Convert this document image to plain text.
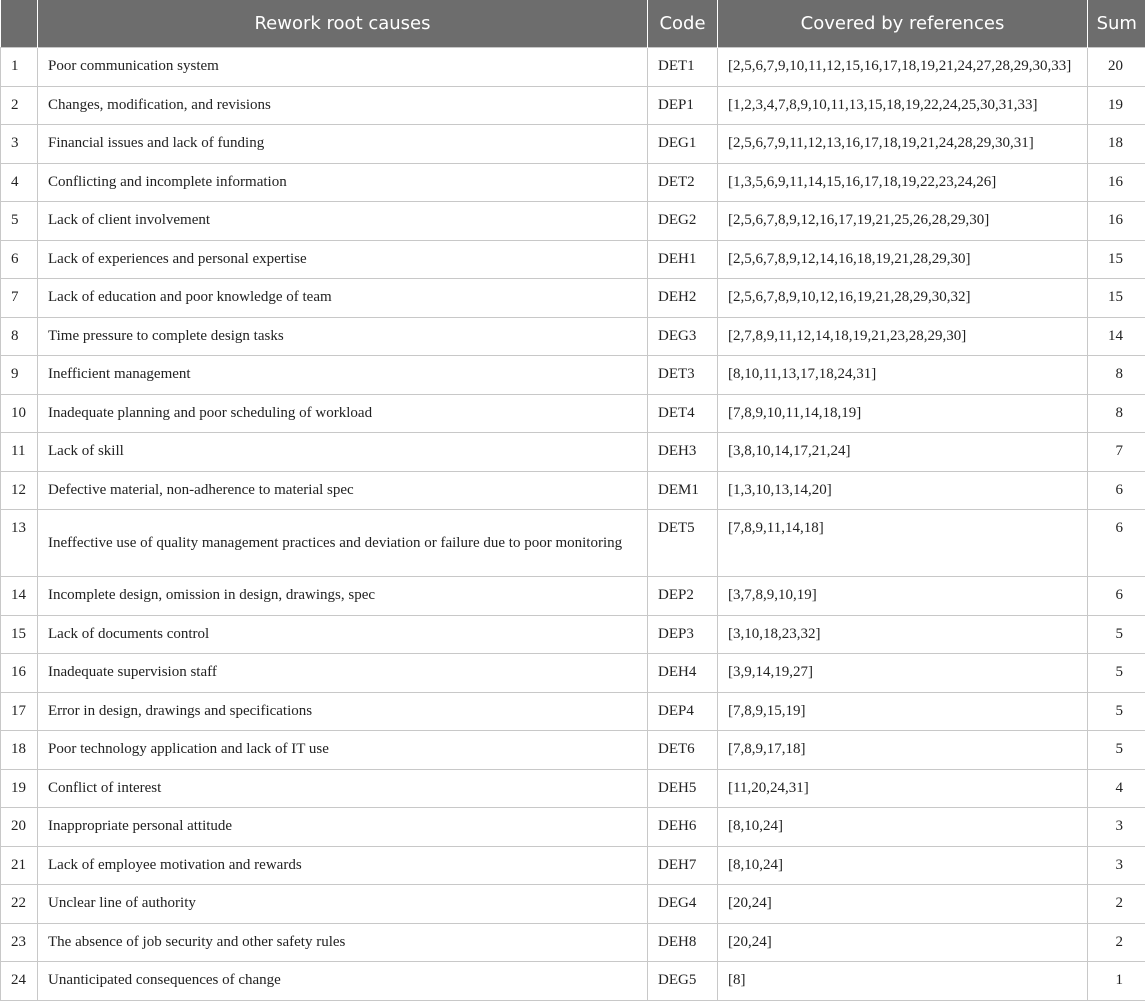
	Rework root causes	Code	Covered by references	Sum
1	Poor communication system	DET1	[2,5,6,7,9,10,11,12,15,16,17,18,19,21,24,27,28,29,30,33]	20
2	Changes, modification, and revisions	DEP1	[1,2,3,4,7,8,9,10,11,13,15,18,19,22,24,25,30,31,33]	19
3	Financial issues and lack of funding	DEG1	[2,5,6,7,9,11,12,13,16,17,18,19,21,24,28,29,30,31]	18
4	Conflicting and incomplete information	DET2	[1,3,5,6,9,11,14,15,16,17,18,19,22,23,24,26]	16
5	Lack of client involvement	DEG2	[2,5,6,7,8,9,12,16,17,19,21,25,26,28,29,30]	16
6	Lack of experiences and personal expertise	DEH1	[2,5,6,7,8,9,12,14,16,18,19,21,28,29,30]	15
7	Lack of education and poor knowledge of team	DEH2	[2,5,6,7,8,9,10,12,16,19,21,28,29,30,32]	15
8	Time pressure to complete design tasks	DEG3	[2,7,8,9,11,12,14,18,19,21,23,28,29,30]	14
9	Inefficient management	DET3	[8,10,11,13,17,18,24,31]	8
10	Inadequate planning and poor scheduling of workload	DET4	[7,8,9,10,11,14,18,19]	8
11	Lack of skill	DEH3	[3,8,10,14,17,21,24]	7
12	Defective material, non-adherence to material spec	DEM1	[1,3,10,13,14,20]	6
13	Ineffective use of quality management practices and deviation or failure due to poor monitoring	DET5	[7,8,9,11,14,18]	6
14	Incomplete design, omission in design, drawings, spec	DEP2	[3,7,8,9,10,19]	6
15	Lack of documents control	DEP3	[3,10,18,23,32]	5
16	Inadequate supervision staff	DEH4	[3,9,14,19,27]	5
17	Error in design, drawings and specifications	DEP4	[7,8,9,15,19]	5
18	Poor technology application and lack of IT use	DET6	[7,8,9,17,18]	5
19	Conflict of interest	DEH5	[11,20,24,31]	4
20	Inappropriate personal attitude	DEH6	[8,10,24]	3
21	Lack of employee motivation and rewards	DEH7	[8,10,24]	3
22	Unclear line of authority	DEG4	[20,24]	2
23	The absence of job security and other safety rules	DEH8	[20,24]	2
24	Unanticipated consequences of change	DEG5	[8]	1
